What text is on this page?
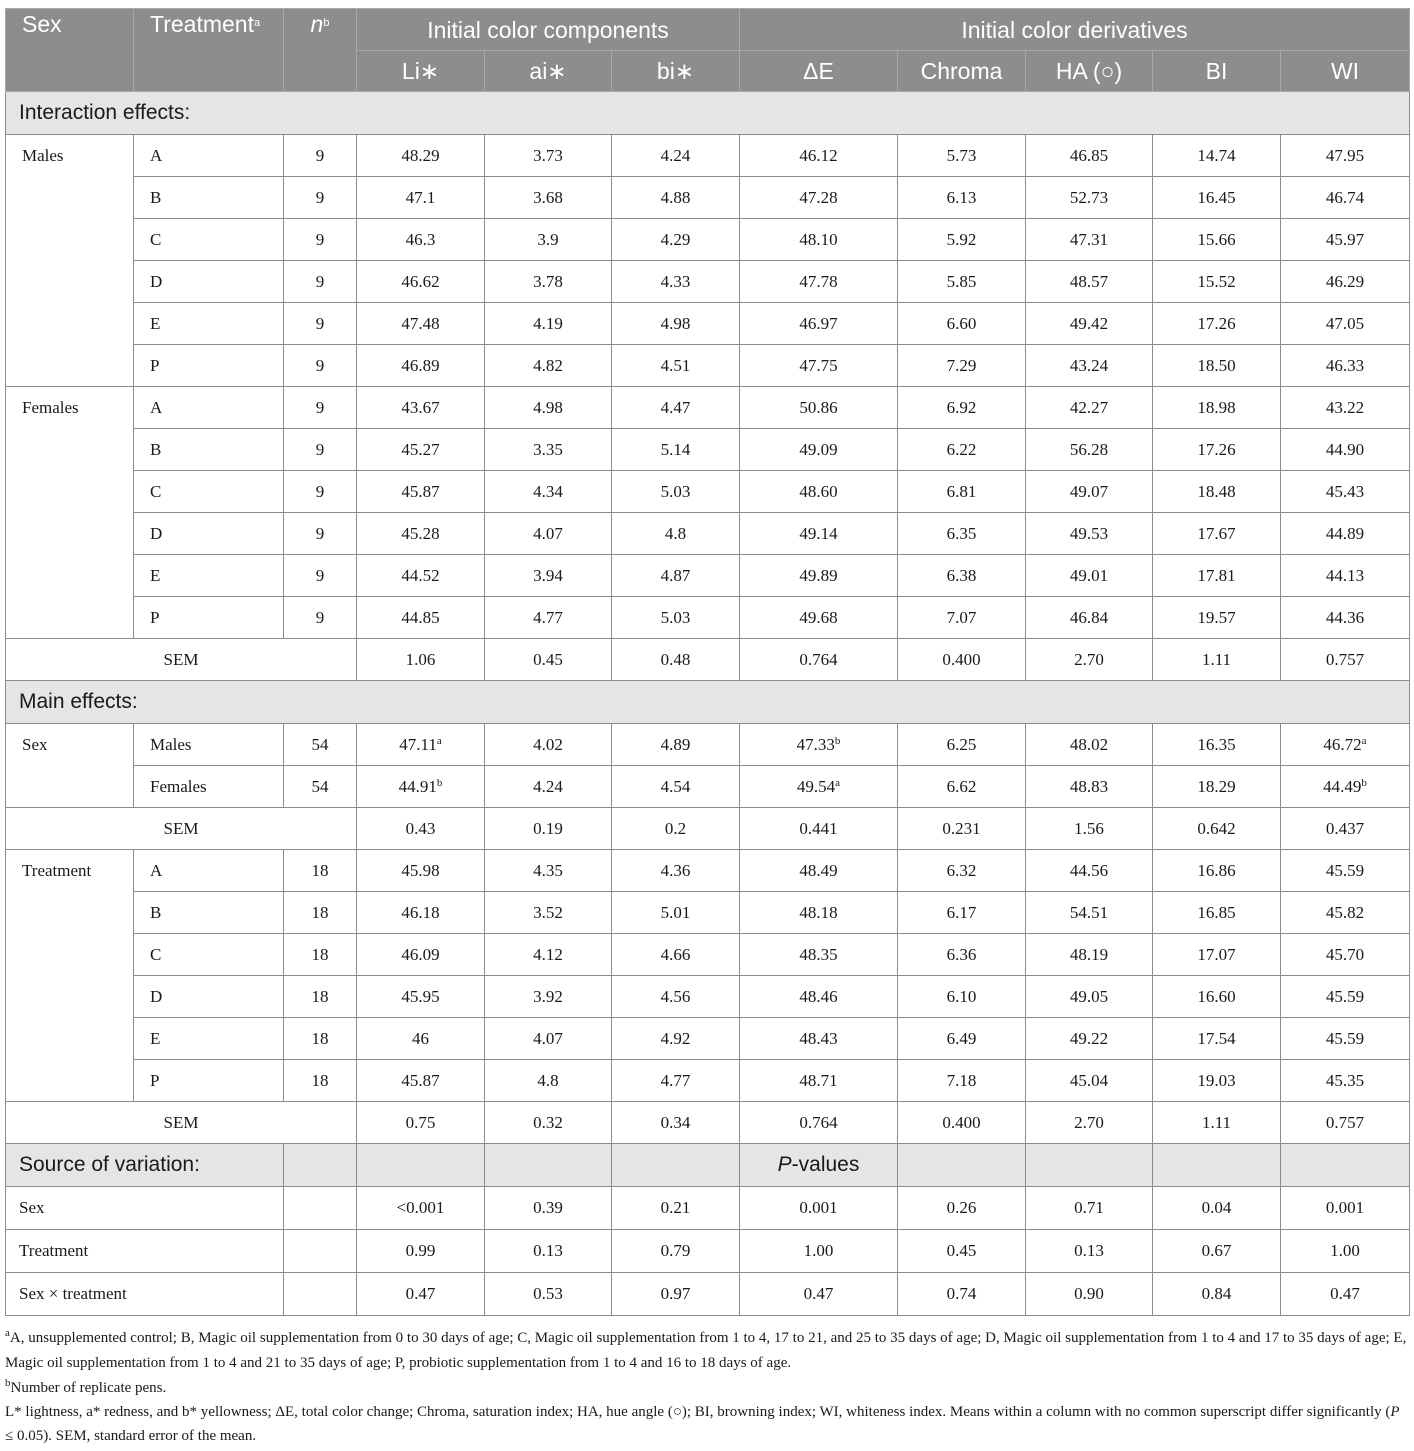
Sex	Treatment$^a$	$n^b$	Initial color components			Initial color derivatives				
			Li∗	ai∗	bi∗	ΔE	Chroma	HA (○)	BI	WI
Interaction effects:										
Males	A	9	48.29	3.73	4.24	46.12	5.73	46.85	14.74	47.95
	B	9	47.1	3.68	4.88	47.28	6.13	52.73	16.45	46.74
	C	9	46.3	3.9	4.29	48.10	5.92	47.31	15.66	45.97
	D	9	46.62	3.78	4.33	47.78	5.85	48.57	15.52	46.29
	E	9	47.48	4.19	4.98	46.97	6.60	49.42	17.26	47.05
	P	9	46.89	4.82	4.51	47.75	7.29	43.24	18.50	46.33
Females	A	9	43.67	4.98	4.47	50.86	6.92	42.27	18.98	43.22
	B	9	45.27	3.35	5.14	49.09	6.22	56.28	17.26	44.90
	C	9	45.87	4.34	5.03	48.60	6.81	49.07	18.48	45.43
	D	9	45.28	4.07	4.8	49.14	6.35	49.53	17.67	44.89
	E	9	44.52	3.94	4.87	49.89	6.38	49.01	17.81	44.13
	P	9	44.85	4.77	5.03	49.68	7.07	46.84	19.57	44.36
SEM			1.06	0.45	0.48	0.764	0.400	2.70	1.11	0.757
Main effects:										
Sex	Males	54	47.11$^a$	4.02	4.89	47.33$^b$	6.25	48.02	16.35	46.72$^a$
	Females	54	44.91$^b$	4.24	4.54	49.54$^a$	6.62	48.83	18.29	44.49$^b$
SEM			0.43	0.19	0.2	0.441	0.231	1.56	0.642	0.437
Treatment	A	18	45.98	4.35	4.36	48.49	6.32	44.56	16.86	45.59
	B	18	46.18	3.52	5.01	48.18	6.17	54.51	16.85	45.82
	C	18	46.09	4.12	4.66	48.35	6.36	48.19	17.07	45.70
	D	18	45.95	3.92	4.56	48.46	6.10	49.05	16.60	45.59
	E	18	46	4.07	4.92	48.43	6.49	49.22	17.54	45.59
	P	18	45.87	4.8	4.77	48.71	7.18	45.04	19.03	45.35
SEM			0.75	0.32	0.34	0.764	0.400	2.70	1.11	0.757
Source of variation:						P-values				
Sex			<0.001	0.39	0.21	0.001	0.26	0.71	0.04	0.001
Treatment			0.99	0.13	0.79	1.00	0.45	0.13	0.67	1.00
Sex × treatment			0.47	0.53	0.97	0.47	0.74	0.90	0.84	0.47

$^a$A, unsupplemented control; B, Magic oil supplementation from 0 to 30 days of age; C, Magic oil supplementation from 1 to 4, 17 to 21, and 25 to 35 days of age; D, Magic oil supplementation from 1 to 4 and 17 to 35 days of age; E, Magic oil supplementation from 1 to 4 and 21 to 35 days of age; P, probiotic supplementation from 1 to 4 and 16 to 18 days of age.

$^b$Number of replicate pens.

L* lightness, a* redness, and b* yellowness; ΔE, total color change; Chroma, saturation index; HA, hue angle (○); BI, browning index; WI, whiteness index. Means within a column with no common superscript differ significantly (P ≤ 0.05). SEM, standard error of the mean.
